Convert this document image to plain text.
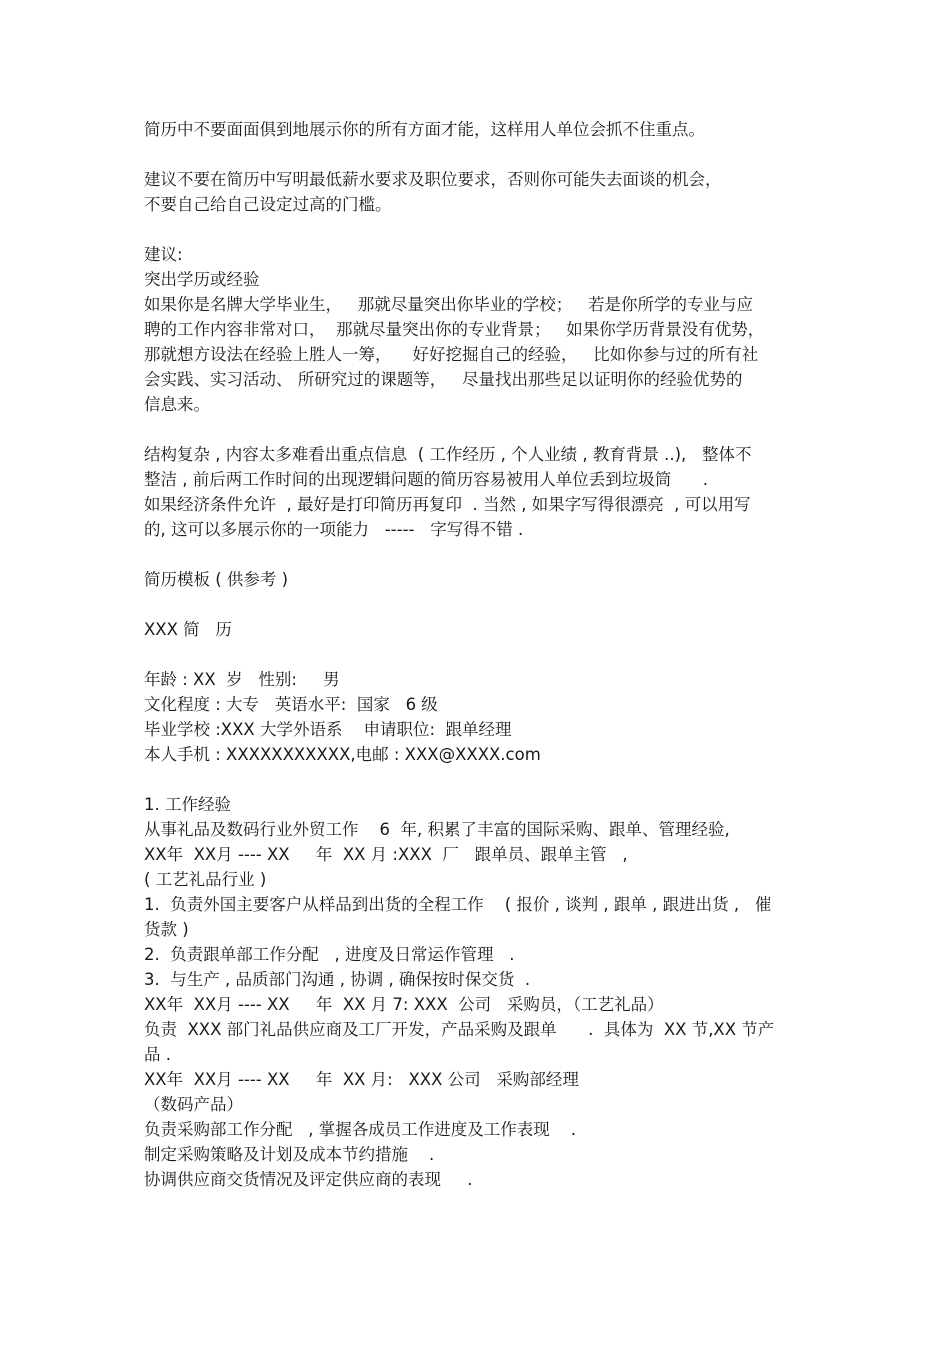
简历中不要面面俱到地展示你的所有方面才能，这样用人单位会抓不住重点。
建议不要在简历中写明最低薪水要求及职位要求，否则你可能失去面谈的机会，
不要自己给自己设定过高的门槛。
建议:
突出学历或经验
如果你是名牌大学毕业生，   那就尽量突出你毕业的学校；   若是你所学的专业与应
聘的工作内容非常对口，  那就尽量突出你的专业背景；   如果你学历背景没有优势，
那就想方设法在经验上胜人一筹，    好好挖掘自己的经验，   比如你参与过的所有社
会实践、实习活动、 所研究过的课题等，   尽量找出那些足以证明你的经验优势的
信息来。
结构复杂 , 内容太多难看出重点信息  ( 工作经历 , 个人业绩 , 教育背景 ..),   整体不
整洁 , 前后两工作时间的出现逻辑问题的简历容易被用人单位丢到垃圾筒      .
如果经济条件允许  , 最好是打印简历再复印  . 当然 , 如果字写得很漂亮  , 可以用写
的, 这可以多展示你的一项能力   -----   字写得不错 .
简历模板 ( 供参考 )
XXX 简   历
年龄 : XX  岁   性别:     男
文化程度 : 大专   英语水平:  国家   6 级
毕业学校 :XXX 大学外语系    申请职位:  跟单经理
本人手机 : XXXXXXXXXXX,电邮 : XXX@XXXX.com
1. 工作经验
从事礼品及数码行业外贸工作    6  年, 积累了丰富的国际采购、跟单、管理经验,
XX年  XX月 ---- XX     年  XX 月 :XXX  厂   跟单员、跟单主管   ,
( 工艺礼品行业 )
1.  负责外国主要客户从样品到出货的全程工作    ( 报价 , 谈判 , 跟单 , 跟进出货 ,   催
货款 )
2.  负责跟单部工作分配   , 进度及日常运作管理   .
3.  与生产 , 品质部门沟通 , 协调 , 确保按时保交货  .
XX年  XX月 ---- XX     年  XX 月 7: XXX  公司   采购员，（工艺礼品）
负责  XXX 部门礼品供应商及工厂开发，产品采购及跟单      .  具体为  XX 节,XX 节产
品 .
XX年  XX月 ---- XX     年  XX 月:   XXX 公司   采购部经理
（数码产品）
负责采购部工作分配   , 掌握各成员工作进度及工作表现    .
制定采购策略及计划及成本节约措施    .
协调供应商交货情况及评定供应商的表现     .
